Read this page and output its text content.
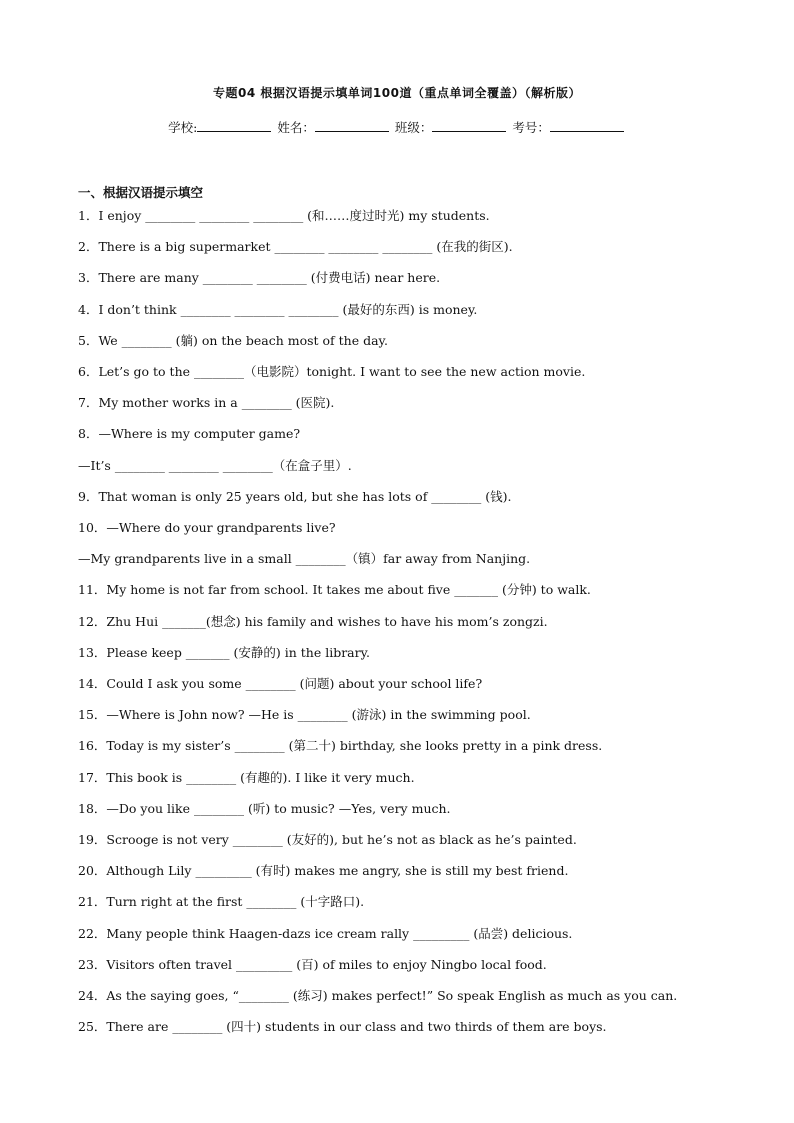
专题04 根据汉语提示填单词100道（重点单词全覆盖）（解析版）
学校:	姓名：	班级：	考号：
一、根据汉语提示填空
1．I enjoy ________ ________ ________ (和……度过时光) my students.
2．There is a big supermarket ________ ________ ________ (在我的街区).
3．There are many ________ ________ (付费电话) near here.
4．I don’t think ________ ________ ________ (最好的东西) is money.
5．We ________ (躺) on the beach most of the day.
6．Let’s go to the ________（电影院）tonight. I want to see the new action movie.
7．My mother works in a ________ (医院).
8．—Where is my computer game?
—It’s ________ ________ ________（在盒子里）.
9．That woman is only 25 years old, but she has lots of ________ (钱).
10．—Where do your grandparents live?
—My grandparents live in a small ________（镇）far away from Nanjing.
11．My home is not far from school. It takes me about five _______ (分钟) to walk.
12．Zhu Hui _______(想念) his family and wishes to have his mom’s zongzi.
13．Please keep _______ (安静的) in the library.
14．Could I ask you some ________ (问题) about your school life?
15．—Where is John now? —He is ________ (游泳) in the swimming pool.
16．Today is my sister’s ________ (第二十) birthday, she looks pretty in a pink dress.
17．This book is ________ (有趣的). I like it very much.
18．—Do you like ________ (听) to music? —Yes, very much.
19．Scrooge is not very ________ (友好的), but he’s not as black as he’s painted.
20．Although Lily _________ (有时) makes me angry, she is still my best friend.
21．Turn right at the first ________ (十字路口).
22．Many people think Haagen-dazs ice cream rally _________ (品尝) delicious.
23．Visitors often travel _________ (百) of miles to enjoy Ningbo local food.
24．As the saying goes, “________ (练习) makes perfect!” So speak English as much as you can.
25．There are ________ (四十) students in our class and two thirds of them are boys.
